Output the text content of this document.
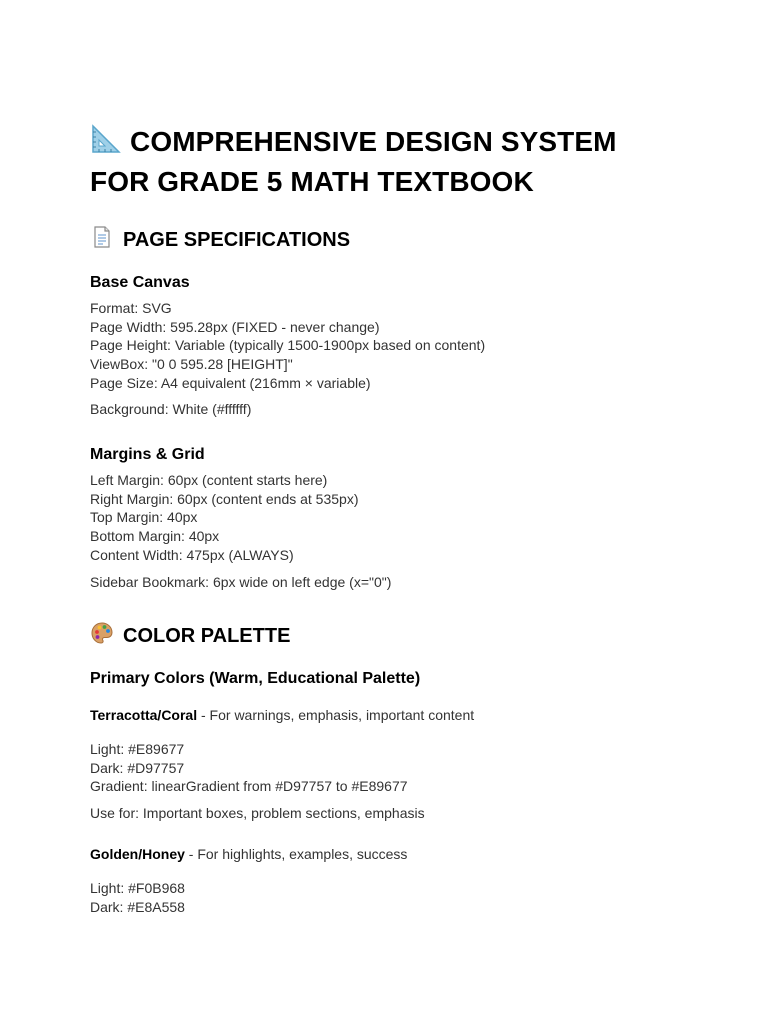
COMPREHENSIVE DESIGN SYSTEM
FOR GRADE 5 MATH TEXTBOOK
PAGE SPECIFICATIONS
Base Canvas
Format: SVG
Page Width: 595.28px (FIXED - never change)
Page Height: Variable (typically 1500-1900px based on content)
ViewBox: "0 0 595.28 [HEIGHT]"
Page Size: A4 equivalent (216mm × variable)
Background: White (#ffffff)
Margins & Grid
Left Margin: 60px (content starts here)
Right Margin: 60px (content ends at 535px)
Top Margin: 40px
Bottom Margin: 40px
Content Width: 475px (ALWAYS)
Sidebar Bookmark: 6px wide on left edge (x="0")
COLOR PALETTE
Primary Colors (Warm, Educational Palette)
Terracotta/Coral - For warnings, emphasis, important content
Light: #E89677
Dark: #D97757
Gradient: linearGradient from #D97757 to #E89677
Use for: Important boxes, problem sections, emphasis
Golden/Honey - For highlights, examples, success
Light: #F0B968
Dark: #E8A558
